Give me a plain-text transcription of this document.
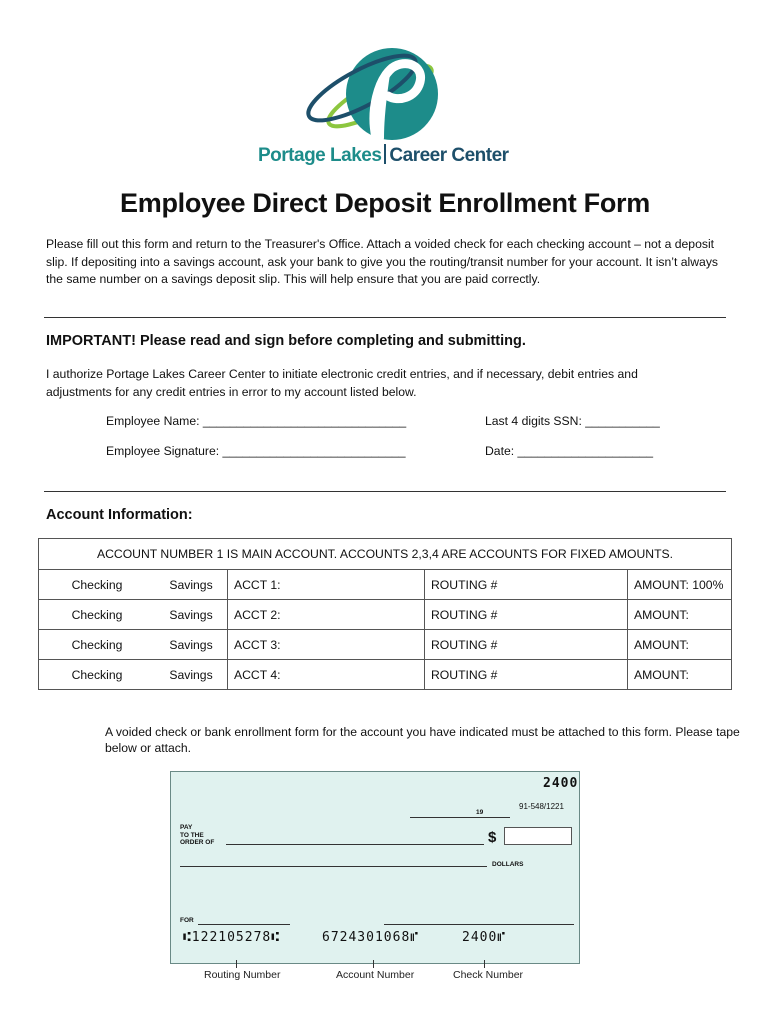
Portage Lakes Career Center
Employee Direct Deposit Enrollment Form
Please fill out this form and return to the Treasurer's Office. Attach a voided check for each checking account – not a deposit slip. If depositing into a savings account, ask your bank to give you the routing/transit number for your account. It isn’t always the same number on a savings deposit slip. This will help ensure that you are paid correctly.
IMPORTANT! Please read and sign before completing and submitting.
I authorize Portage Lakes Career Center to initiate electronic credit entries, and if necessary, debit entries and adjustments for any credit entries in error to my account listed below.
Employee Name: ______________________________	Last 4 digits SSN: ___________
Employee Signature: ___________________________	Date: ____________________
Account Information:
ACCOUNT NUMBER 1 IS MAIN ACCOUNT. ACCOUNTS 2,3,4 ARE ACCOUNTS FOR FIXED AMOUNTS.				
Checking	Savings	ACCT 1:	ROUTING #	AMOUNT: 100%
Checking	Savings	ACCT 2:	ROUTING #	AMOUNT:
Checking	Savings	ACCT 3:	ROUTING #	AMOUNT:
Checking	Savings	ACCT 4:	ROUTING #	AMOUNT:
A voided check or bank enrollment form for the account you have indicated must be attached to this form. Please tape below or attach.
2400
91-548/1221
19
PAY
TO THE
ORDER OF	$
DOLLARS
FOR
⑆122105278⑆	6724301068⑈	2400⑈
Routing Number	Account Number	Check Number
